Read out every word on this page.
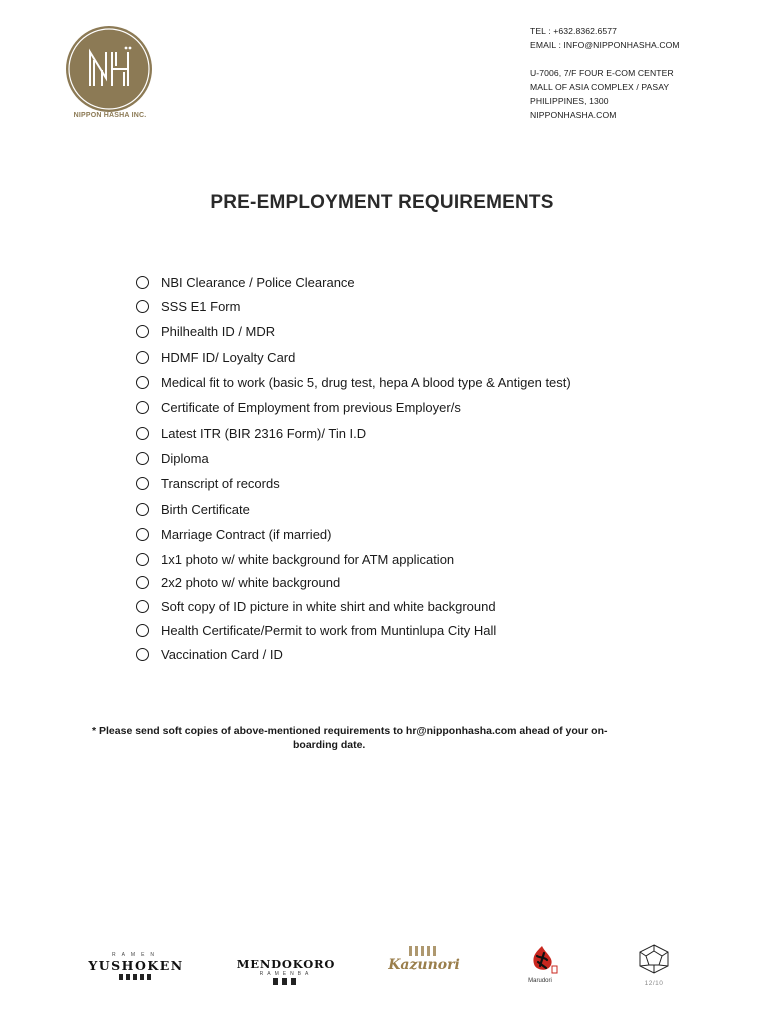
NIPPON HASHA INC.
TEL : +632.8362.6577
EMAIL : INFO@NIPPONHASHA.COM
U-7006, 7/F FOUR E-COM CENTER
MALL OF ASIA COMPLEX / PASAY
PHILIPPINES, 1300
NIPPONHASHA.COM
PRE-EMPLOYMENT REQUIREMENTS
NBI Clearance / Police Clearance
SSS E1 Form
Philhealth ID / MDR
HDMF ID/ Loyalty Card
Medical fit to work (basic 5, drug test, hepa A blood type & Antigen test)
Certificate of Employment from previous Employer/s
Latest ITR (BIR 2316 Form)/ Tin I.D
Diploma
Transcript of records
Birth Certificate
Marriage Contract (if married)
1x1 photo w/ white background for ATM application
2x2 photo w/ white background
Soft copy of ID picture in white shirt and white background
Health Certificate/Permit to work from Muntinlupa City Hall
Vaccination Card / ID
* Please send soft copies of above-mentioned requirements to hr@nipponhasha.com ahead of your on-
boarding date.
RAMEN
YUSHOKEN	MENDOKORO
RAMENBA
Kazunori
Marudori	12/10
